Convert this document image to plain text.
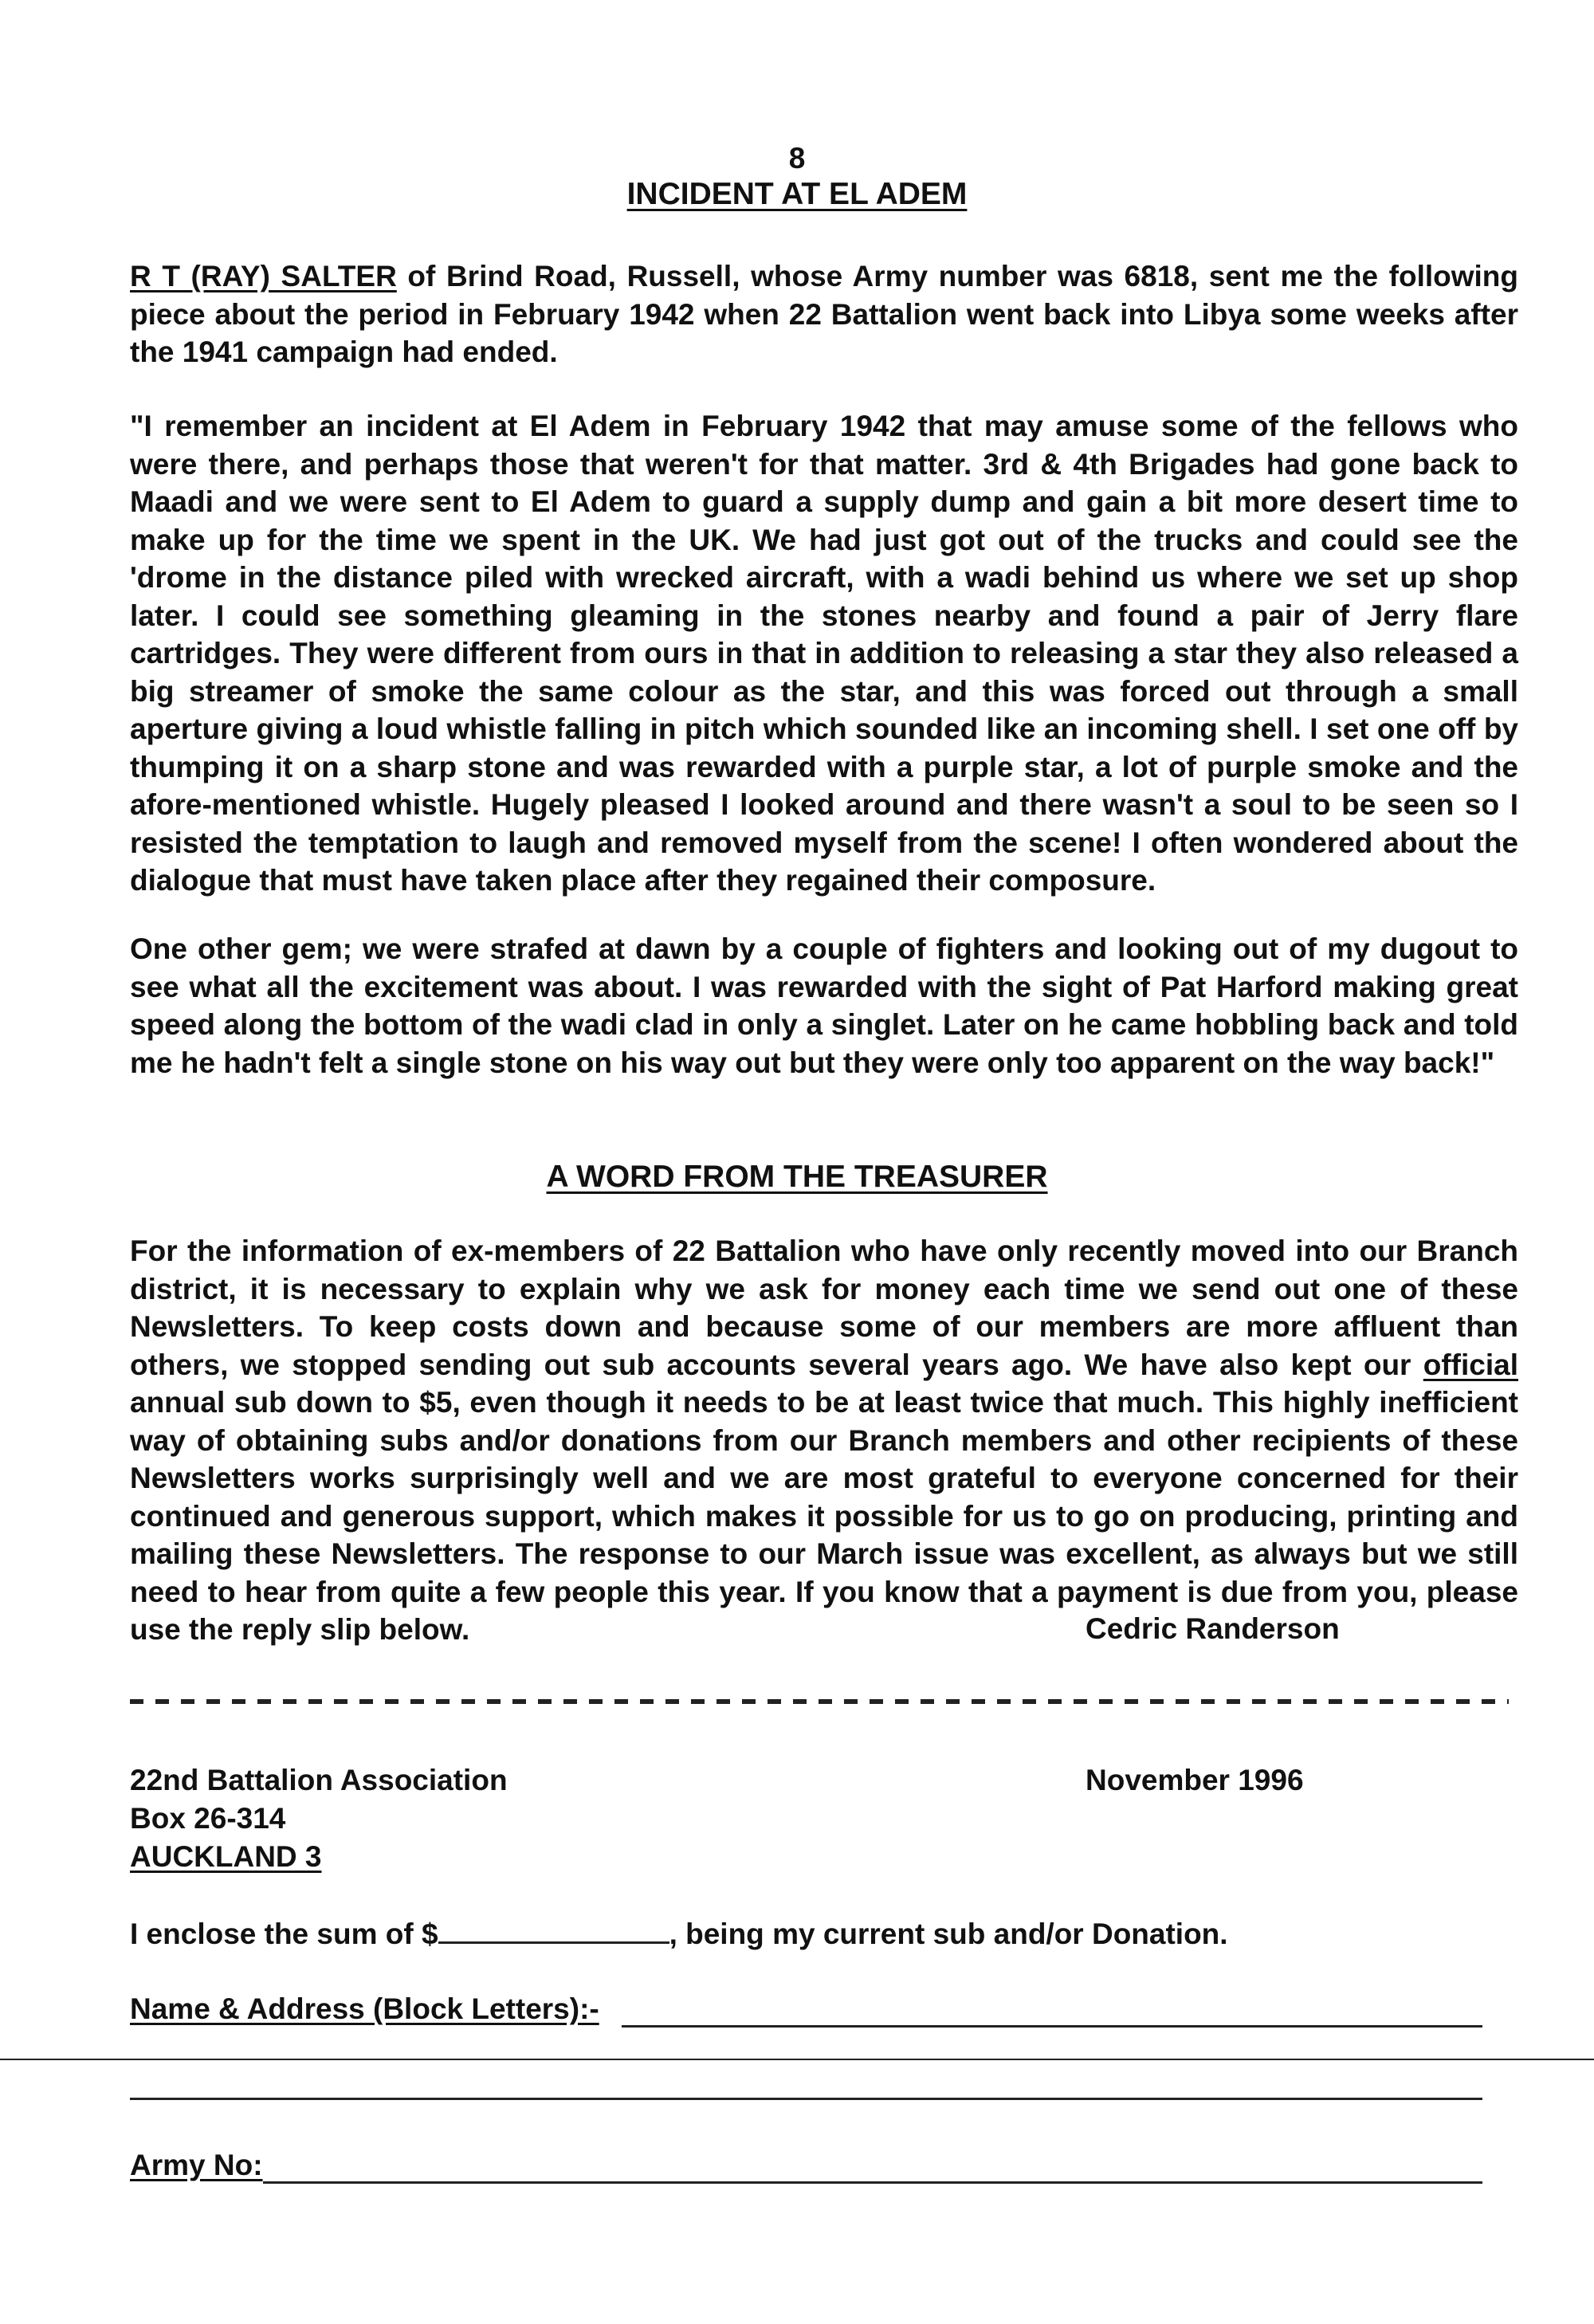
8
INCIDENT AT EL ADEM

R T (RAY) SALTER of Brind Road, Russell, whose Army number was 6818, sent me the following piece about the period in February 1942 when 22 Battalion went back into Libya some weeks after the 1941 campaign had ended.

"I remember an incident at El Adem in February 1942 that may amuse some of the fellows who were there, and perhaps those that weren't for that matter. 3rd & 4th Brigades had gone back to Maadi and we were sent to El Adem to guard a supply dump and gain a bit more desert time to make up for the time we spent in the UK. We had just got out of the trucks and could see the 'drome in the distance piled with wrecked aircraft, with a wadi behind us where we set up shop later. I could see something gleaming in the stones nearby and found a pair of Jerry flare cartridges. They were different from ours in that in addition to releasing a star they also released a big streamer of smoke the same colour as the star, and this was forced out through a small aperture giving a loud whistle falling in pitch which sounded like an incoming shell. I set one off by thumping it on a sharp stone and was rewarded with a purple star, a lot of purple smoke and the afore-mentioned whistle. Hugely pleased I looked around and there wasn't a soul to be seen so I resisted the temptation to laugh and removed myself from the scene! I often wondered about the dialogue that must have taken place after they regained their composure.

One other gem; we were strafed at dawn by a couple of fighters and looking out of my dugout to see what all the excitement was about. I was rewarded with the sight of Pat Harford making great speed along the bottom of the wadi clad in only a singlet. Later on he came hobbling back and told me he hadn't felt a single stone on his way out but they were only too apparent on the way back!"

A WORD FROM THE TREASURER

For the information of ex-members of 22 Battalion who have only recently moved into our Branch district, it is necessary to explain why we ask for money each time we send out one of these Newsletters. To keep costs down and because some of our members are more affluent than others, we stopped sending out sub accounts several years ago. We have also kept our official annual sub down to $5, even though it needs to be at least twice that much. This highly inefficient way of obtaining subs and/or donations from our Branch members and other recipients of these Newsletters works surprisingly well and we are most grateful to everyone concerned for their continued and generous support, which makes it possible for us to go on producing, printing and mailing these Newsletters. The response to our March issue was excellent, as always but we still need to hear from quite a few people this year. If you know that a payment is due from you, please use the reply slip below.	Cedric Randerson
22nd Battalion Association	November 1996
Box 26-314
AUCKLAND 3
I enclose the sum of $	, being my current sub and/or Donation.
Name & Address (Block Letters):-
Army No:
